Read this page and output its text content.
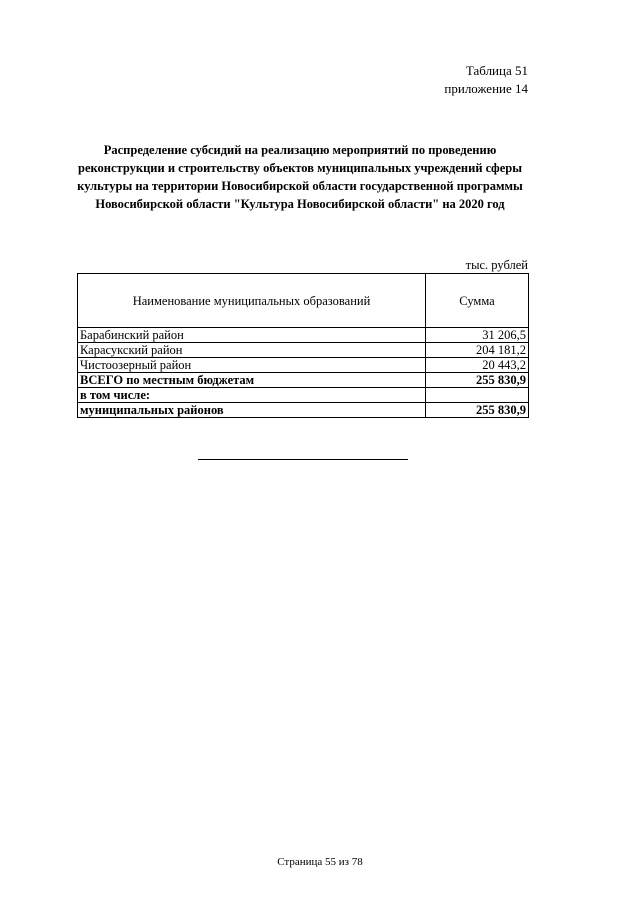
Таблица 51
приложение 14
Распределение субсидий на реализацию мероприятий по проведению реконструкции и строительству объектов муниципальных учреждений сферы культуры на территории Новосибирской области государственной программы Новосибирской области "Культура Новосибирской области" на 2020 год
тыс. рублей
Наименование муниципальных образований	Сумма
Барабинский район	31 206,5
Карасукский район	204 181,2
Чистоозерный район	20 443,2
ВСЕГО по местным бюджетам	255 830,9
в том числе:	
муниципальных районов	255 830,9
Страница 55 из 78
